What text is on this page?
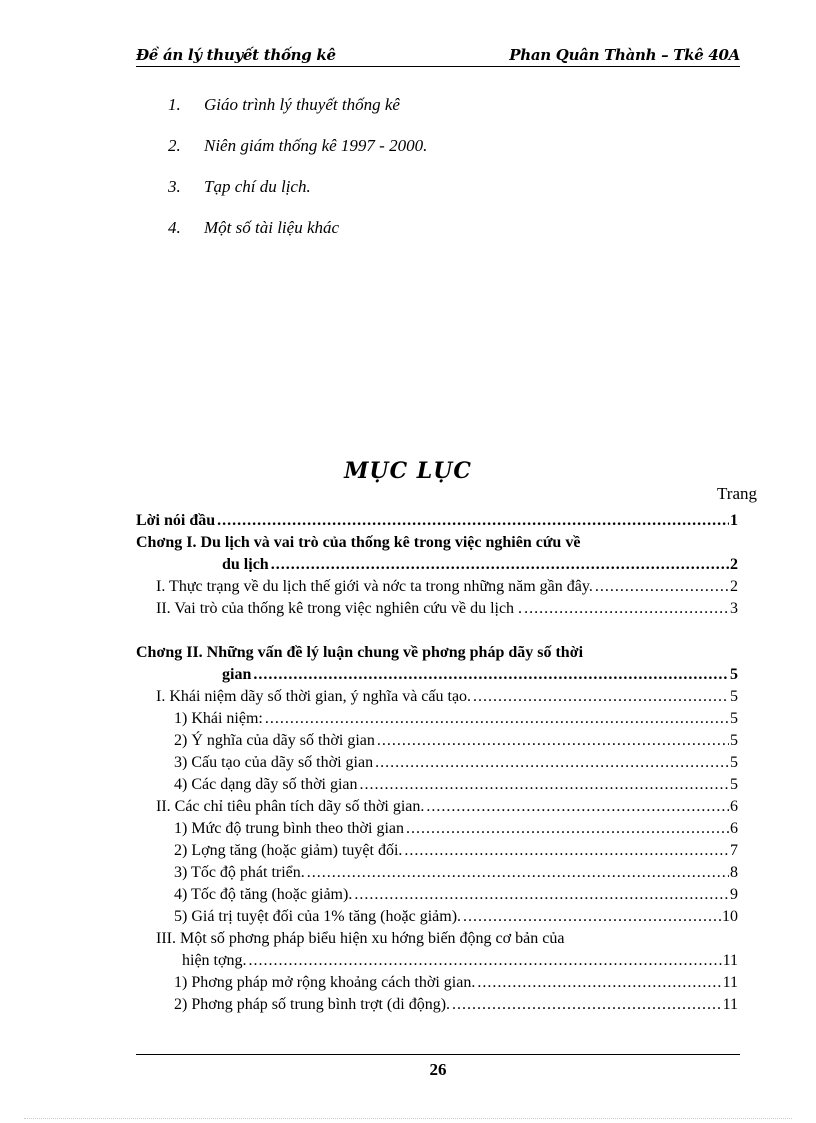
Đề án lý thuyết thống kê	Phan Quân Thành – Tkê 40A
1. Giáo trình lý thuyết thống kê
2. Niên giám thống kê 1997 - 2000.
3. Tạp chí du lịch.
4. Một số tài liệu khác
MỤC LỤC
Trang
Lời nói đầu .....	1
Chơng I. Du lịch và vai trò của thống kê trong việc nghiên cứu về
du lịch .....	2
I. Thực trạng về du lịch thế giới và nớc ta trong những năm gần đây. .....	2
II. Vai trò của thống kê trong việc nghiên cứu về du lịch . .....	3
Chơng II. Những vấn đề lý luận chung về phơng pháp dãy số thời
gian .....	5
I. Khái niệm dãy số thời gian, ý nghĩa và cấu tạo. .....	5
1) Khái niệm: .....	5
2) Ý nghĩa của dãy số thời gian .....	5
3) Cấu tạo của dãy số thời gian .....	5
4) Các dạng dãy số thời gian .....	5
II. Các chỉ tiêu phân tích dãy số thời gian. .....	6
1) Mức độ trung bình theo thời gian .....	6
2) Lợng tăng (hoặc giảm) tuyệt đối. .....	7
3) Tốc độ phát triển. .....	8
4) Tốc độ tăng (hoặc giảm). .....	9
5) Giá trị tuyệt đối của 1% tăng (hoặc giảm). .....	10
III. Một số phơng pháp biểu hiện xu hớng biến động cơ bản của
hiện tợng. .....	11
1) Phơng pháp mở rộng khoảng cách thời gian. .....	11
2) Phơng pháp số trung bình trợt (di động). .....	11
26
